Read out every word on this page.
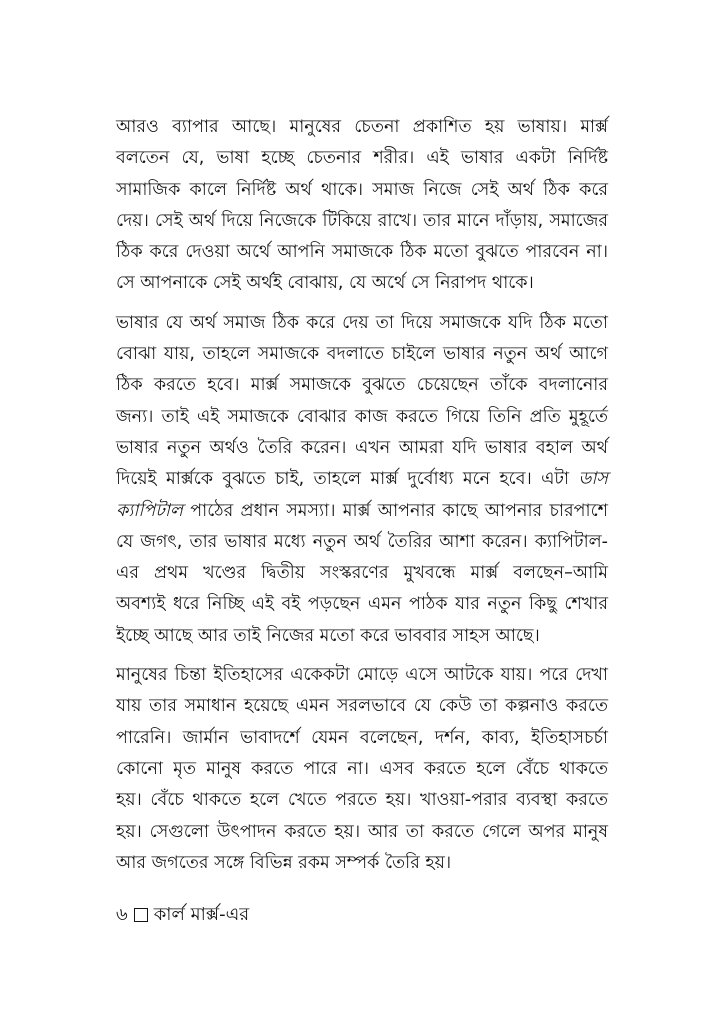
আরও ব্যাপার আছে। মানুষের চেতনা প্রকাশিত হয় ভাষায়। মার্ক্স
বলতেন যে, ভাষা হচ্ছে চেতনার শরীর। এই ভাষার একটা নির্দিষ্ট
সামাজিক কালে নির্দিষ্ট অর্থ থাকে। সমাজ নিজে সেই অর্থ ঠিক করে
দেয়। সেই অর্থ দিয়ে নিজেকে টিকিয়ে রাখে। তার মানে দাঁড়ায়, সমাজের
ঠিক করে দেওয়া অর্থে আপনি সমাজকে ঠিক মতো বুঝতে পারবেন না।
সে আপনাকে সেই অর্থই বোঝায়, যে অর্থে সে নিরাপদ থাকে।

ভাষার যে অর্থ সমাজ ঠিক করে দেয় তা দিয়ে সমাজকে যদি ঠিক মতো
বোঝা যায়, তাহলে সমাজকে বদলাতে চাইলে ভাষার নতুন অর্থ আগে
ঠিক করতে হবে। মার্ক্স সমাজকে বুঝতে চেয়েছেন তাঁকে বদলানোর
জন্য। তাই এই সমাজকে বোঝার কাজ করতে গিয়ে তিনি প্রতি মুহূর্তে
ভাষার নতুন অর্থও তৈরি করেন। এখন আমরা যদি ভাষার বহাল অর্থ
দিয়েই মার্ক্সকে বুঝতে চাই, তাহলে মার্ক্স দুর্বোধ্য মনে হবে। এটা ডাস
ক্যাপিটাল পাঠের প্রধান সমস্যা। মার্ক্স আপনার কাছে আপনার চারপাশে
যে জগৎ, তার ভাষার মধ্যে নতুন অর্থ তৈরির আশা করেন। ক্যাপিটাল-
এর প্রথম খণ্ডের দ্বিতীয় সংস্করণের মুখবন্ধে মার্ক্স বলছেন–আমি
অবশ্যই ধরে নিচ্ছি এই বই পড়ছেন এমন পাঠক যার নতুন কিছু শেখার
ইচ্ছে আছে আর তাই নিজের মতো করে ভাববার সাহস আছে।

মানুষের চিন্তা ইতিহাসের একেকটা মোড়ে এসে আটকে যায়। পরে দেখা
যায় তার সমাধান হয়েছে এমন সরলভাবে যে কেউ তা কল্পনাও করতে
পারেনি। জার্মান ভাবাদর্শে যেমন বলেছেন, দর্শন, কাব্য, ইতিহাসচর্চা
কোনো মৃত মানুষ করতে পারে না। এসব করতে হলে বেঁচে থাকতে
হয়। বেঁচে থাকতে হলে খেতে পরতে হয়। খাওয়া-পরার ব্যবস্থা করতে
হয়। সেগুলো উৎপাদন করতে হয়। আর তা করতে গেলে অপর মানুষ
আর জগতের সঙ্গে বিভিন্ন রকম সম্পর্ক তৈরি হয়।

৬ কার্ল মার্ক্স-এর
